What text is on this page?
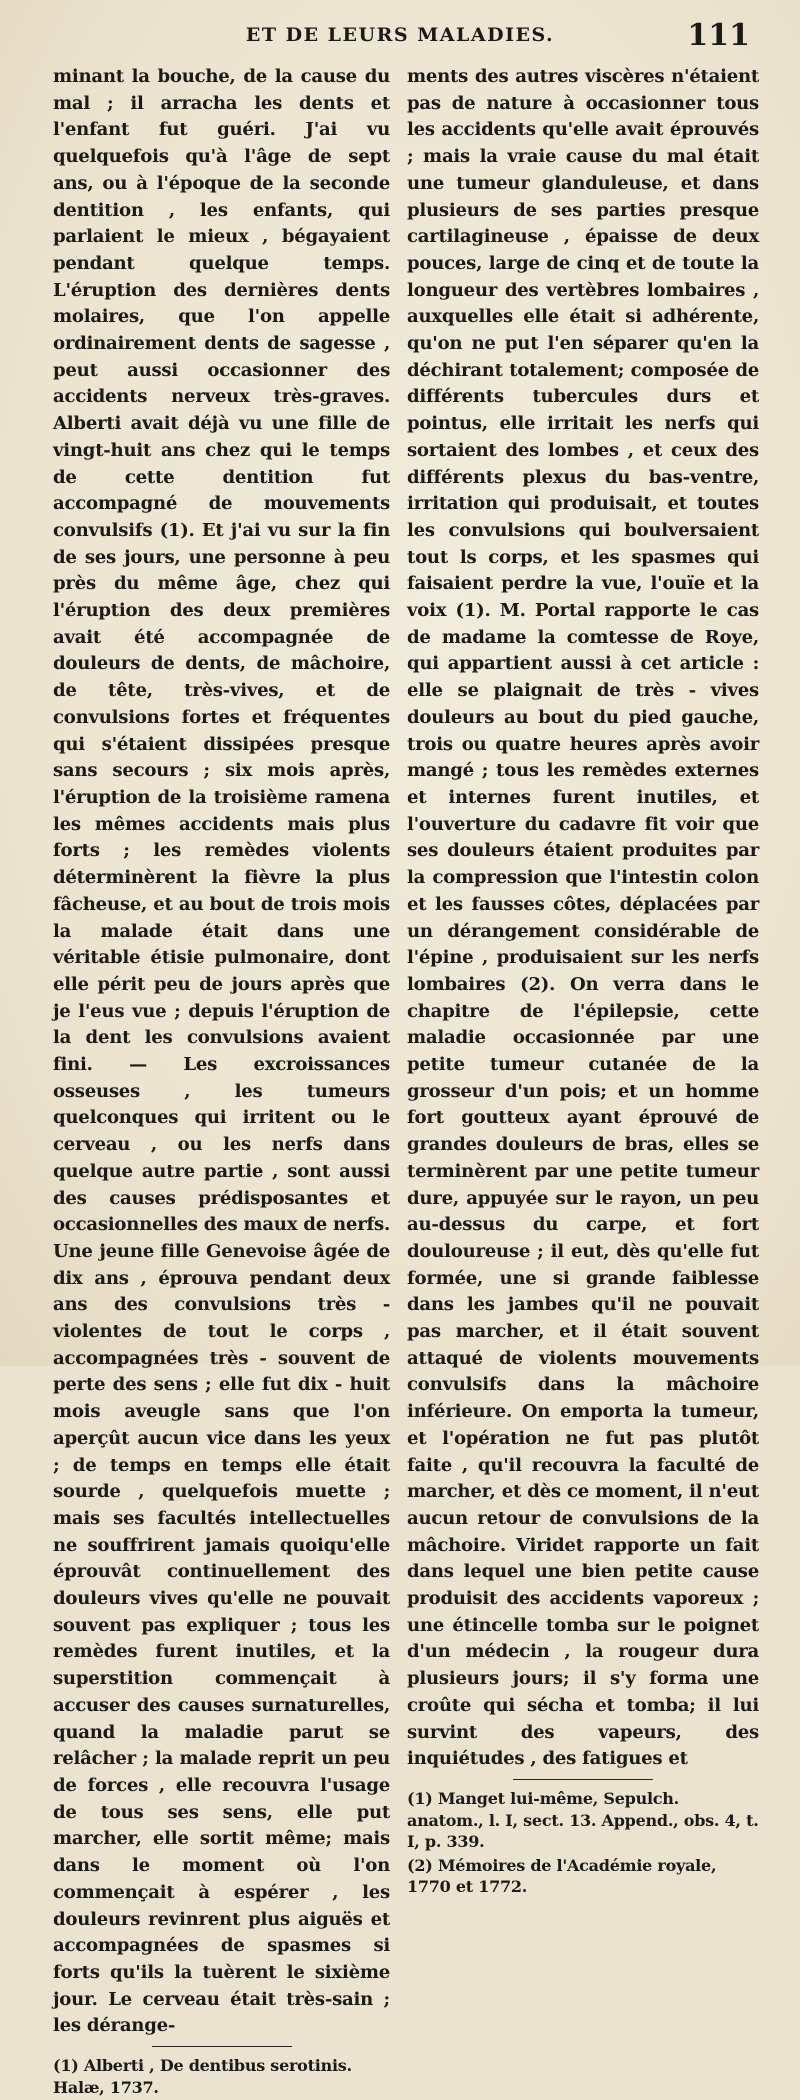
ET DE LEURS MALADIES.	111

minant la bouche, de la cause du mal ; il arracha les dents et l'enfant fut guéri. J'ai vu quelquefois qu'à l'âge de sept ans, ou à l'époque de la seconde dentition , les enfants, qui parlaient le mieux , bégayaient pendant quelque temps. L'éruption des dernières dents molaires, que l'on appelle ordinairement dents de sagesse , peut aussi occasionner des accidents nerveux très-graves. Alberti avait déjà vu une fille de vingt-huit ans chez qui le temps de cette dentition fut accompagné de mouvements convulsifs (1). Et j'ai vu sur la fin de ses jours, une personne à peu près du même âge, chez qui l'éruption des deux premières avait été accompagnée de douleurs de dents, de mâchoire, de tête, très-vives, et de convulsions fortes et fréquentes qui s'étaient dissipées presque sans secours ; six mois après, l'éruption de la troisième ramena les mêmes accidents mais plus forts ; les remèdes violents déterminèrent la fièvre la plus fâcheuse, et au bout de trois mois la malade était dans une véritable étisie pulmonaire, dont elle périt peu de jours après que je l'eus vue ; depuis l'éruption de la dent les convulsions avaient fini. — Les excroissances osseuses , les tumeurs quelconques qui irritent ou le cerveau , ou les nerfs dans quelque autre partie , sont aussi des causes prédisposantes et occasionnelles des maux de nerfs. Une jeune fille Genevoise âgée de dix ans , éprouva pendant deux ans des convulsions très - violentes de tout le corps , accompagnées très - souvent de perte des sens ; elle fut dix - huit mois aveugle sans que l'on aperçût aucun vice dans les yeux ; de temps en temps elle était sourde , quelquefois muette ; mais ses facultés intellectuelles ne souffrirent jamais quoiqu'elle éprouvât continuellement des douleurs vives qu'elle ne pouvait souvent pas expliquer ; tous les remèdes furent inutiles, et la superstition commençait à accuser des causes surnaturelles, quand la maladie parut se relâcher ; la malade reprit un peu de forces , elle recouvra l'usage de tous ses sens, elle put marcher, elle sortit même; mais dans le moment où l'on commençait à espérer , les douleurs revinrent plus aiguës et accompagnées de spasmes si forts qu'ils la tuèrent le sixième jour. Le cerveau était très-sain ; les dérange-

(1) Alberti , De dentibus serotinis. Halæ, 1737.

ments des autres viscères n'étaient pas de nature à occasionner tous les accidents qu'elle avait éprouvés ; mais la vraie cause du mal était une tumeur glanduleuse, et dans plusieurs de ses parties presque cartilagineuse , épaisse de deux pouces, large de cinq et de toute la longueur des vertèbres lombaires , auxquelles elle était si adhérente, qu'on ne put l'en séparer qu'en la déchirant totalement; composée de différents tubercules durs et pointus, elle irritait les nerfs qui sortaient des lombes , et ceux des différents plexus du bas-ventre, irritation qui produisait, et toutes les convulsions qui boulversaient tout ls corps, et les spasmes qui faisaient perdre la vue, l'ouïe et la voix (1). M. Portal rapporte le cas de madame la comtesse de Roye, qui appartient aussi à cet article : elle se plaignait de très - vives douleurs au bout du pied gauche, trois ou quatre heures après avoir mangé ; tous les remèdes externes et internes furent inutiles, et l'ouverture du cadavre fit voir que ses douleurs étaient produites par la compression que l'intestin colon et les fausses côtes, déplacées par un dérangement considérable de l'épine , produisaient sur les nerfs lombaires (2). On verra dans le chapitre de l'épilepsie, cette maladie occasionnée par une petite tumeur cutanée de la grosseur d'un pois; et un homme fort goutteux ayant éprouvé de grandes douleurs de bras, elles se terminèrent par une petite tumeur dure, appuyée sur le rayon, un peu au-dessus du carpe, et fort douloureuse ; il eut, dès qu'elle fut formée, une si grande faiblesse dans les jambes qu'il ne pouvait pas marcher, et il était souvent attaqué de violents mouvements convulsifs dans la mâchoire inférieure. On emporta la tumeur, et l'opération ne fut pas plutôt faite , qu'il recouvra la faculté de marcher, et dès ce moment, il n'eut aucun retour de convulsions de la mâchoire. Viridet rapporte un fait dans lequel une bien petite cause produisit des accidents vaporeux ; une étincelle tomba sur le poignet d'un médecin , la rougeur dura plusieurs jours; il s'y forma une croûte qui sécha et tomba; il lui survint des vapeurs, des inquiétudes , des fatigues et

(1) Manget lui-même, Sepulch. anatom., l. I, sect. 13. Append., obs. 4, t. I, p. 339.

(2) Mémoires de l'Académie royale, 1770 et 1772.
